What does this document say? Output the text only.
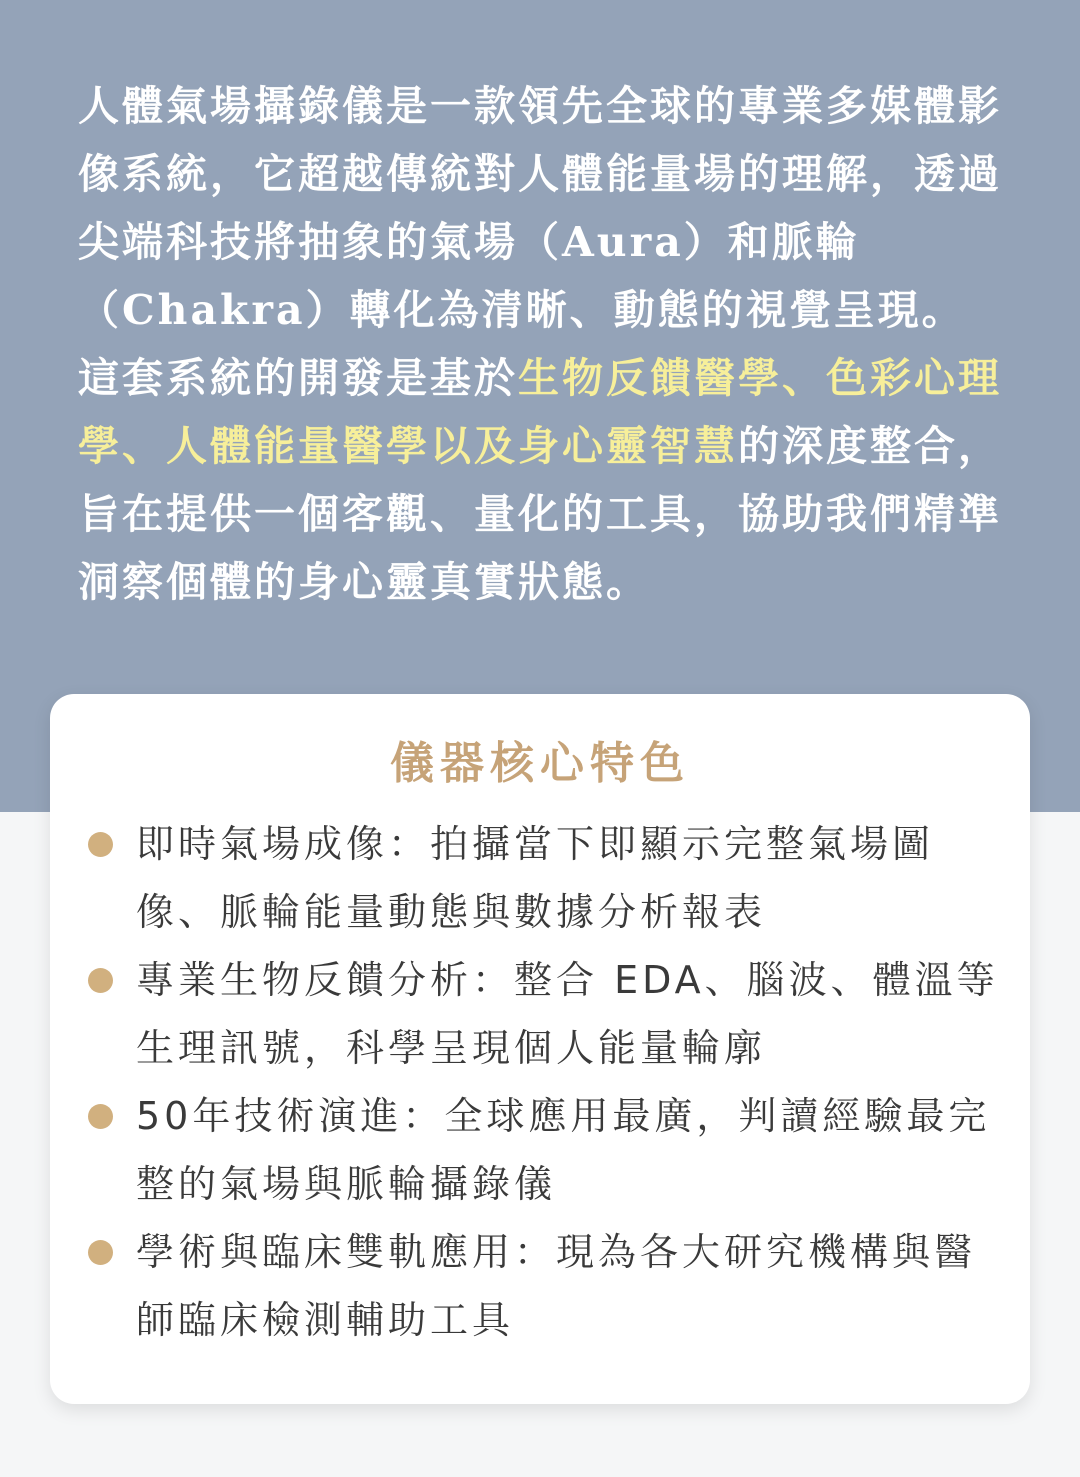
人體氣場攝錄儀是一款領先全球的專業多媒體影像系統，它超越傳統對人體能量場的理解，透過尖端科技將抽象的氣場（Aura）和脈輪（Chakra）轉化為清晰、動態的視覺呈現。這套系統的開發是基於生物反饋醫學、色彩心理學、人體能量醫學以及身心靈智慧的深度整合，旨在提供一個客觀、量化的工具，協助我們精準洞察個體的身心靈真實狀態。

儀器核心特色
即時氣場成像：拍攝當下即顯示完整氣場圖像、脈輪能量動態與數據分析報表
專業生物反饋分析：整合 EDA、腦波、體溫等生理訊號，科學呈現個人能量輪廓
50年技術演進：全球應用最廣，判讀經驗最完整的氣場與脈輪攝錄儀
學術與臨床雙軌應用：現為各大研究機構與醫師臨床檢測輔助工具
